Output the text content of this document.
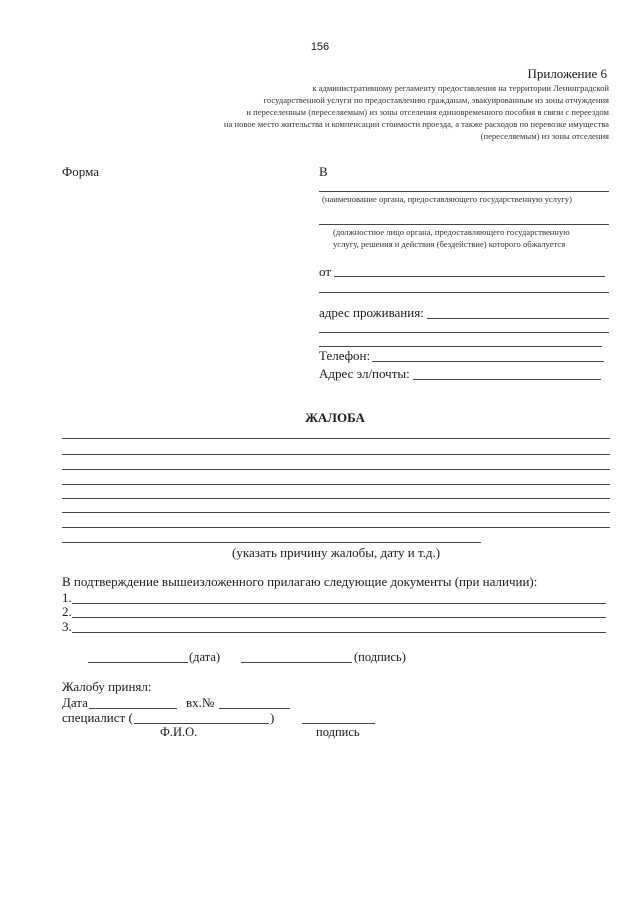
156
Приложение 6
к административному регламенту предоставления на территории Ленинградской
государственной услуги по предоставлению гражданам, эвакуированным из зоны отчуждения
и переселенным (переселяемым) из зоны отселения единовременного пособия в связи с переездом
на новое место жительства и компенсации стоимости проезда, а также расходов по перевозке имущества
(переселяемым) из зоны отселения
Форма	В
(наименование органа, предоставляющего государственную услугу)
(должностное лицо органа, предоставляющего государственную
услугу, решения и действия (бездействие) которого обжалуется
от
адрес проживания:
Телефон:
Адрес эл/почты:
ЖАЛОБА
(указать причину жалобы, дату и т.д.)
В подтверждение вышеизложенного прилагаю следующие документы (при наличии):
1.
2.
3.
(дата)	(подпись)
Жалобу принял:
Дата	вх.№
специалист (	)
Ф.И.О.	подпись
